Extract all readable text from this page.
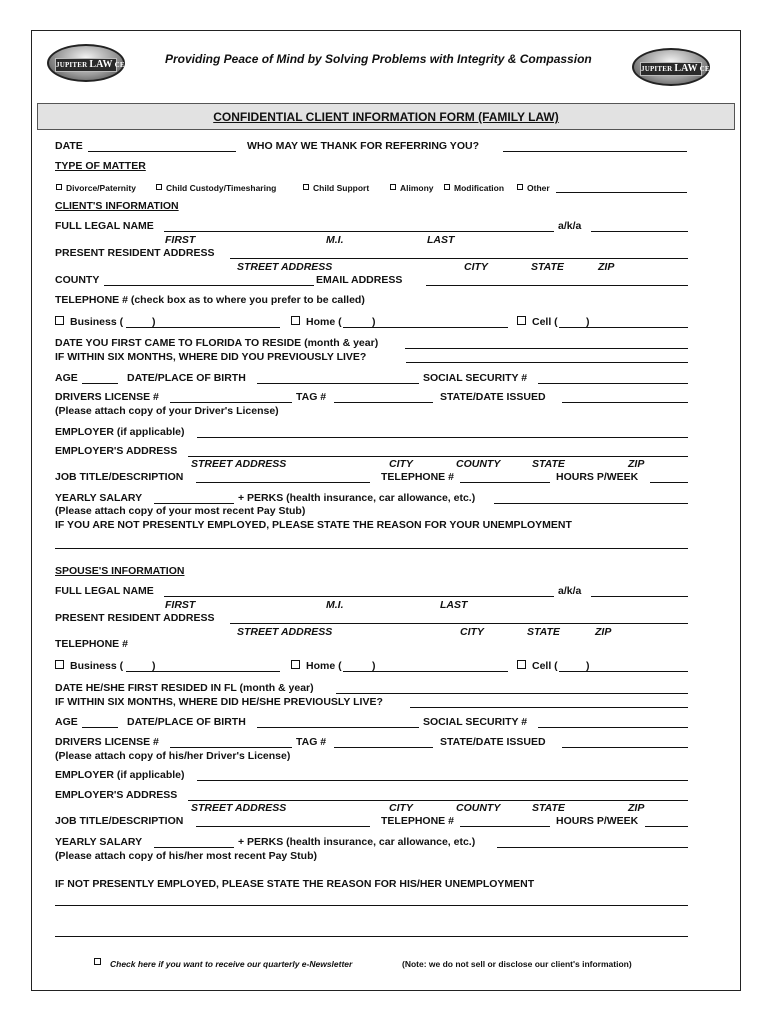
JUPITER LAW CENTER	JUPITER LAW CENTER
Providing Peace of Mind by Solving Problems with Integrity & Compassion
CONFIDENTIAL CLIENT INFORMATION FORM (FAMILY LAW)
DATE	WHO MAY WE THANK FOR REFERRING YOU?
TYPE OF MATTER
Divorce/Paternity	Child Custody/Timesharing	Child Support	Alimony Modification	Other
CLIENT'S INFORMATION
FULL LEGAL NAME	a/k/a
FIRST	M.I.	LAST
PRESENT RESIDENT ADDRESS
STREET ADDRESS	CITY	STATE	ZIP
COUNTY	EMAIL ADDRESS
TELEPHONE # (check box as to where you prefer to be called)
Business (	)	Home (	)	Cell (	)
DATE YOU FIRST CAME TO FLORIDA TO RESIDE (month & year)
IF WITHIN SIX MONTHS, WHERE DID YOU PREVIOUSLY LIVE?
AGE	DATE/PLACE OF BIRTH	SOCIAL SECURITY #
DRIVERS LICENSE #	TAG #	STATE/DATE ISSUED
(Please attach copy of your Driver's License)
EMPLOYER (if applicable)
EMPLOYER'S ADDRESS
STREET ADDRESS	CITY	COUNTY	STATE	ZIP
JOB TITLE/DESCRIPTION	TELEPHONE #	HOURS P/WEEK
YEARLY SALARY	+ PERKS (health insurance, car allowance, etc.)
(Please attach copy of your most recent Pay Stub)
IF YOU ARE NOT PRESENTLY EMPLOYED, PLEASE STATE THE REASON FOR YOUR UNEMPLOYMENT
SPOUSE'S INFORMATION
FULL LEGAL NAME	a/k/a
FIRST	M.I.	LAST
PRESENT RESIDENT ADDRESS
STREET ADDRESS	CITY	STATE	ZIP
TELEPHONE #
Business (	)	Home (	)	Cell (	)
DATE HE/SHE FIRST RESIDED IN FL (month & year)
IF WITHIN SIX MONTHS, WHERE DID HE/SHE PREVIOUSLY LIVE?
AGE	DATE/PLACE OF BIRTH	SOCIAL SECURITY #
DRIVERS LICENSE #	TAG #	STATE/DATE ISSUED
(Please attach copy of his/her Driver's License)
EMPLOYER (if applicable)
EMPLOYER'S ADDRESS
STREET ADDRESS	CITY	COUNTY	STATE	ZIP
JOB TITLE/DESCRIPTION	TELEPHONE #	HOURS P/WEEK
YEARLY SALARY	+ PERKS (health insurance, car allowance, etc.)
(Please attach copy of his/her most recent Pay Stub)
IF NOT PRESENTLY EMPLOYED, PLEASE STATE THE REASON FOR HIS/HER UNEMPLOYMENT
Check here if you want to receive our quarterly e-Newsletter	(Note: we do not sell or disclose our client's information)
